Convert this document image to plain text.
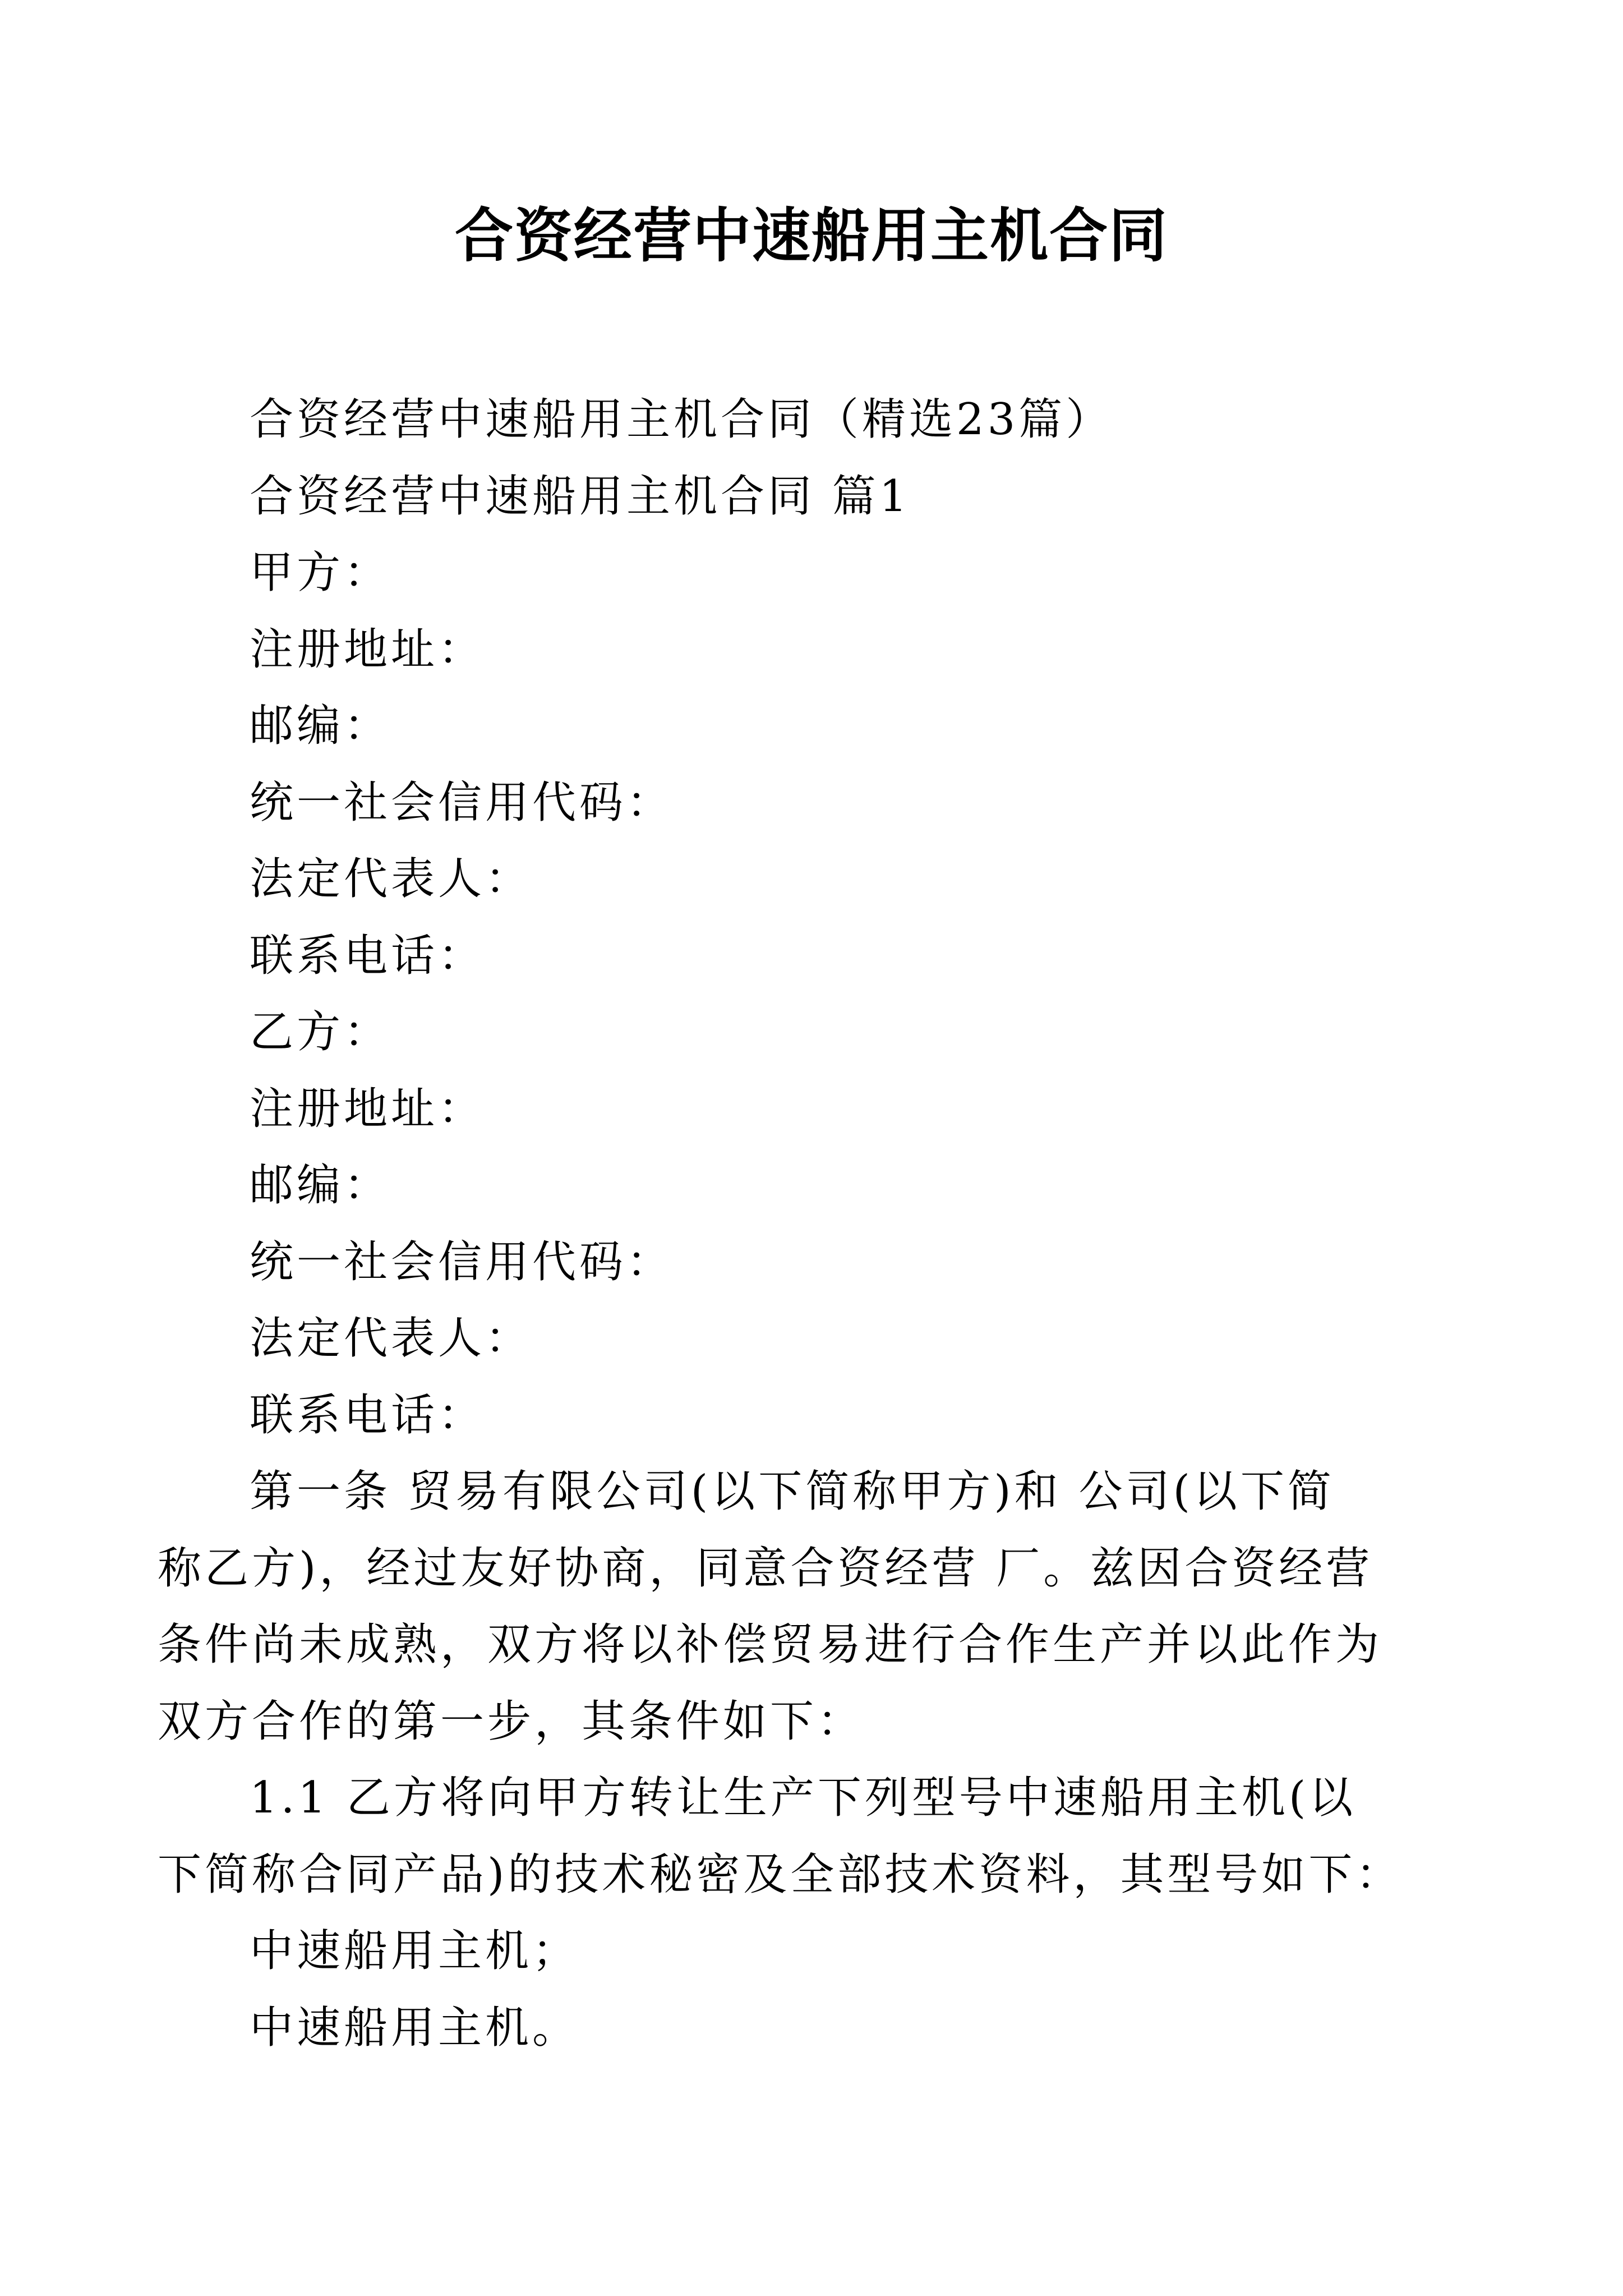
合资经营中速船用主机合同

合资经营中速船用主机合同（精选23篇）

合资经营中速船用主机合同 篇1

甲方：

注册地址：

邮编：

统一社会信用代码：

法定代表人：

联系电话：

乙方：

注册地址：

邮编：

统一社会信用代码：

法定代表人：

联系电话：

第一条 贸易有限公司(以下简称甲方)和 公司(以下简
称乙方)，经过友好协商，同意合资经营 厂。兹因合资经营
条件尚未成熟，双方将以补偿贸易进行合作生产并以此作为
双方合作的第一步，其条件如下：
1.1 乙方将向甲方转让生产下列型号中速船用主机(以
下简称合同产品)的技术秘密及全部技术资料，其型号如下：

中速船用主机；

中速船用主机。
